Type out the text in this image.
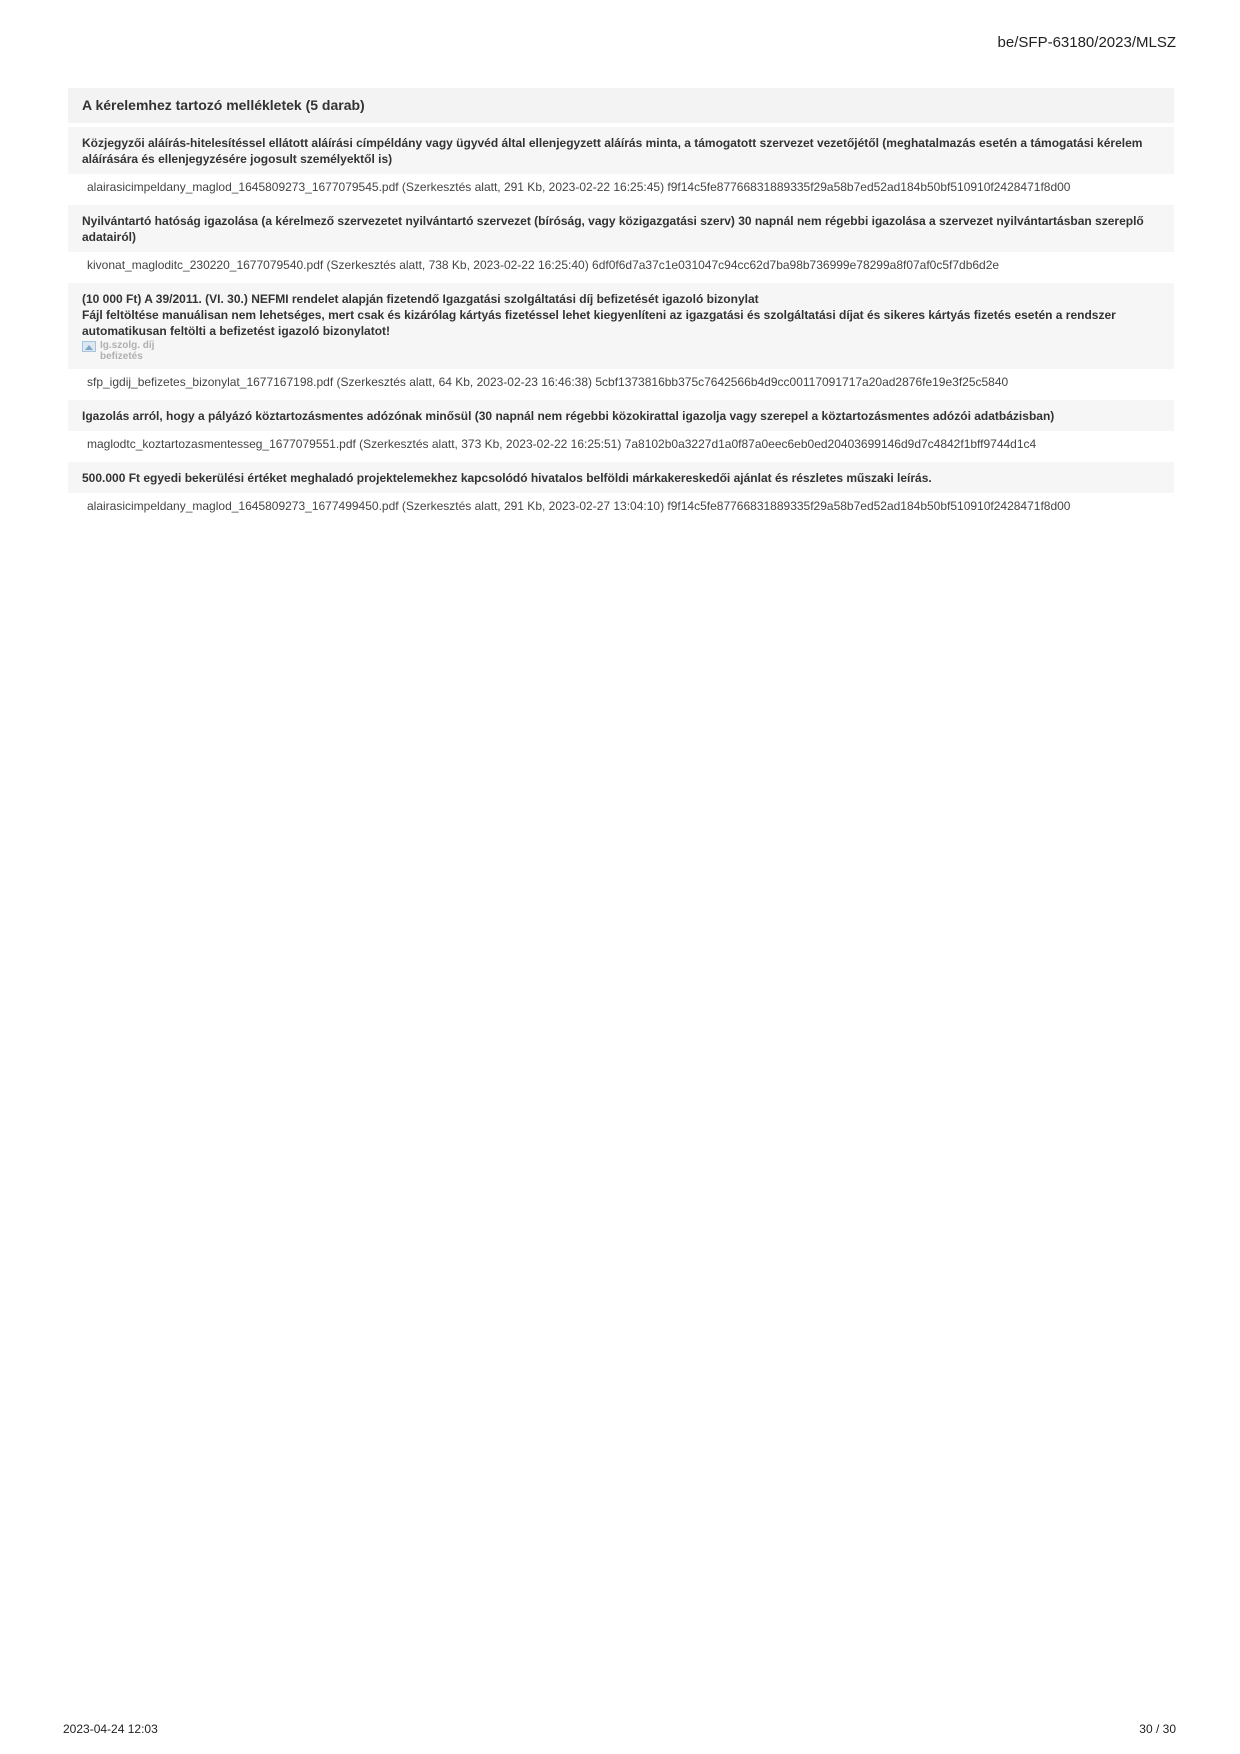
be/SFP-63180/2023/MLSZ
A kérelemhez tartozó mellékletek (5 darab)
Közjegyzői aláírás-hitelesítéssel ellátott aláírási címpéldány vagy ügyvéd által ellenjegyzett aláírás minta, a támogatott szervezet vezetőjétől (meghatalmazás esetén a támogatási kérelem aláírására és ellenjegyzésére jogosult személyektől is)
alairasicimpeldany_maglod_1645809273_1677079545.pdf (Szerkesztés alatt, 291 Kb, 2023-02-22 16:25:45) f9f14c5fe87766831889335f29a58b7ed52ad184b50bf510910f2428471f8d00
Nyilvántartó hatóság igazolása (a kérelmező szervezetet nyilvántartó szervezet (bíróság, vagy közigazgatási szerv) 30 napnál nem régebbi igazolása a szervezet nyilvántartásban szereplő adatairól)
kivonat_magloditc_230220_1677079540.pdf (Szerkesztés alatt, 738 Kb, 2023-02-22 16:25:40) 6df0f6d7a37c1e031047c94cc62d7ba98b736999e78299a8f07af0c5f7db6d2e
(10 000 Ft) A 39/2011. (VI. 30.) NEFMI rendelet alapján fizetendő Igazgatási szolgáltatási díj befizetését igazoló bizonylat
Fájl feltöltése manuálisan nem lehetséges, mert csak és kizárólag kártyás fizetéssel lehet kiegyenlíteni az igazgatási és szolgáltatási díjat és sikeres kártyás fizetés esetén a rendszer automatikusan feltölti a befizetést igazoló bizonylatot!
Ig.szolg. díj
befizetés
sfp_igdij_befizetes_bizonylat_1677167198.pdf (Szerkesztés alatt, 64 Kb, 2023-02-23 16:46:38) 5cbf1373816bb375c7642566b4d9cc00117091717a20ad2876fe19e3f25c5840
Igazolás arról, hogy a pályázó köztartozásmentes adózónak minősül (30 napnál nem régebbi közokirattal igazolja vagy szerepel a köztartozásmentes adózói adatbázisban)
maglodtc_koztartozasmentesseg_1677079551.pdf (Szerkesztés alatt, 373 Kb, 2023-02-22 16:25:51) 7a8102b0a3227d1a0f87a0eec6eb0ed20403699146d9d7c4842f1bff9744d1c4
500.000 Ft egyedi bekerülési értéket meghaladó projektelemekhez kapcsolódó hivatalos belföldi márkakereskedői ajánlat és részletes műszaki leírás.
alairasicimpeldany_maglod_1645809273_1677499450.pdf (Szerkesztés alatt, 291 Kb, 2023-02-27 13:04:10) f9f14c5fe87766831889335f29a58b7ed52ad184b50bf510910f2428471f8d00
2023-04-24 12:03	30 / 30
